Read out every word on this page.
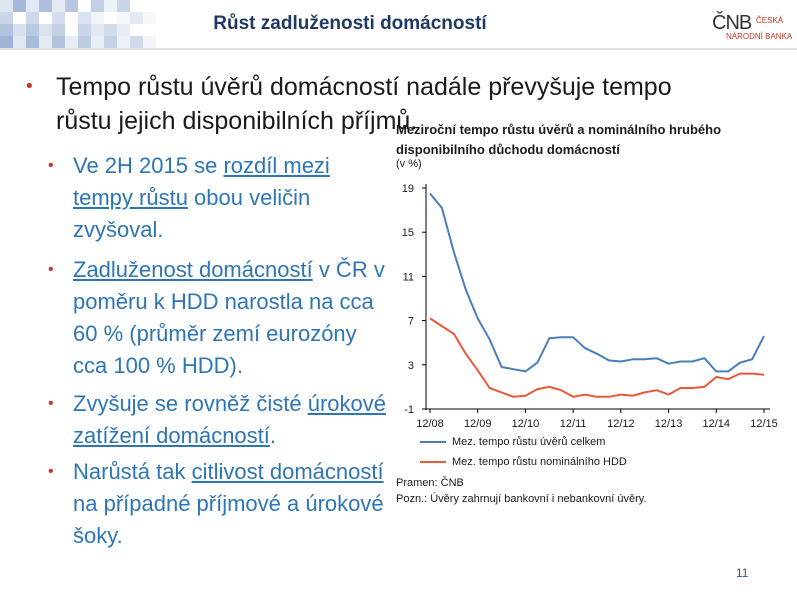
Růst zadluženosti domácností	ČNB ČESKÁ
NÁRODNÍ BANKA
• Tempo růstu úvěrů domácností nadále převyšuje tempo růstu jejich disponibilních příjmů.
• Ve 2H 2015 se rozdíl mezi tempy růstu obou veličin zvyšoval.
• Zadluženost domácností v ČR v poměru k HDD narostla na cca 60 % (průměr zemí eurozóny cca 100 % HDD).
• Zvyšuje se rovněž čisté úrokové zatížení domácností.
• Narůstá tak citlivost domácností na případné příjmové a úrokové šoky.
Meziroční tempo růstu úvěrů a nominálního hrubého disponibilního důchodu domácností
(v %)
19
15
11
7
3
-1
12/08 12/09 12/10 12/11 12/12 12/13 12/14 12/15
Mez. tempo růstu úvěrů celkem
Mez. tempo růstu nominálního HDD
Pramen: ČNB
Pozn.: Úvěry zahrnují bankovní i nebankovní úvěry.
11
